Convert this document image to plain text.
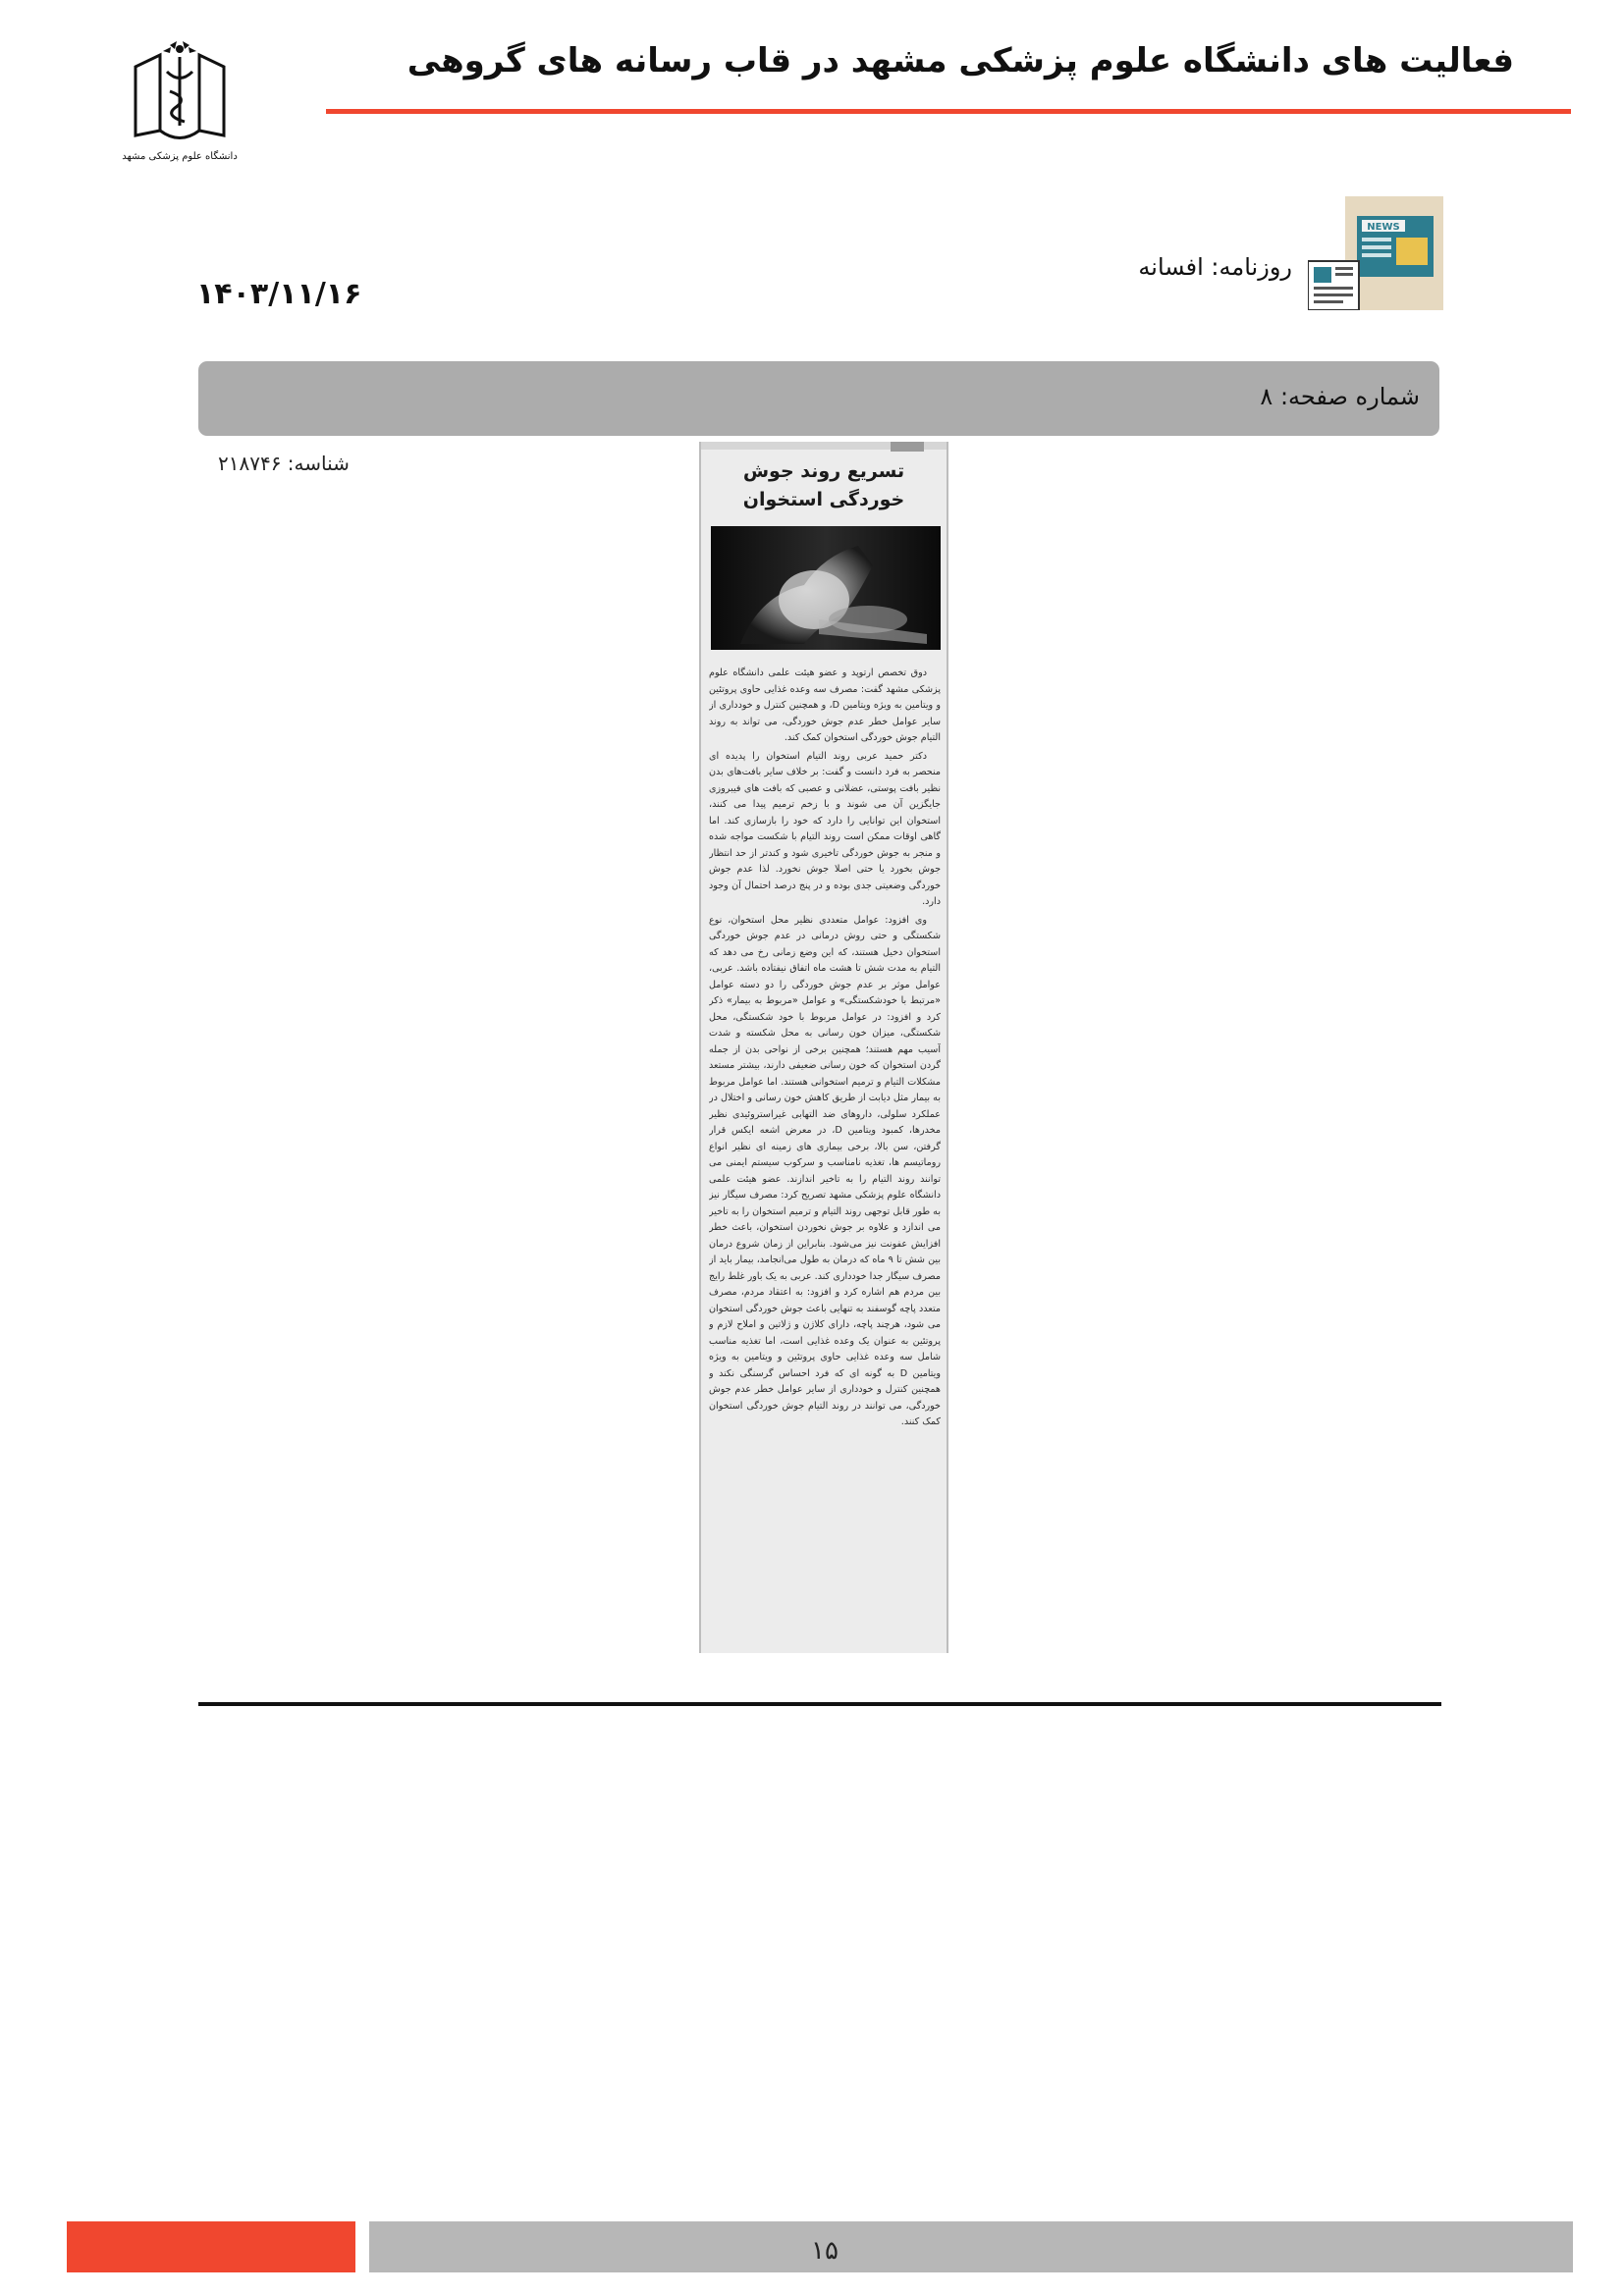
دانشگاه علوم پزشکی مشهد
فعالیت های دانشگاه علوم پزشکی مشهد در قاب رسانه های گروهی
NEWS
روزنامه: افسانه
۱۴۰۳/۱۱/۱۶
شماره صفحه: ۸
شناسه: ۲۱۸۷۴۶	تسریع روند جوش خوردگی استخوان

دوق تخصص ارتوپد و عضو هیئت علمی دانشگاه علوم پزشکی مشهد گفت: مصرف سه وعده غذایی حاوی پروتئین و ویتامین به ویژه ویتامین D، و همچنین کنترل و خودداری از سایر عوامل خطر عدم جوش خوردگی، می تواند به روند التیام جوش خوردگی استخوان کمک کند.

دکتر حمید عربی روند التیام استخوان را پدیده ای منحصر به فرد دانست و گفت: بر خلاف سایر بافت‌های بدن نظیر بافت پوستی، عضلانی و عصبی که بافت های فیبروزی جایگزین آن می شوند و با زخم ترمیم پیدا می کنند، استخوان این توانایی را دارد که خود را بازسازی کند. اما گاهی اوقات ممکن است روند التیام با شکست مواجه شده و منجر به جوش خوردگی تاخیری شود و کندتر از حد انتظار جوش بخورد یا حتی اصلا جوش نخورد. لذا عدم جوش خوردگی وضعیتی جدی بوده و در پنج درصد احتمال آن وجود دارد.

وی افزود: عوامل متعددی نظیر محل استخوان، نوع شکستگی و حتی روش درمانی در عدم جوش خوردگی استخوان دخیل هستند، که این وضع زمانی رخ می دهد که التیام به مدت شش تا هشت ماه اتفاق نیفتاده باشد. عربی، عوامل موثر بر عدم جوش خوردگی را دو دسته عوامل «مرتبط با خودشکستگی» و عوامل «مربوط به بیمار» ذکر کرد و افزود: در عوامل مربوط با خود شکستگی، محل شکستگی، میزان خون رسانی به محل شکسته و شدت آسیب مهم هستند؛ همچنین برخی از نواحی بدن از جمله گردن استخوان که خون رسانی ضعیفی دارند، بیشتر مستعد مشکلات التیام و ترمیم استخوانی هستند. اما عوامل مربوط به بیمار مثل دیابت از طریق کاهش خون رسانی و اختلال در عملکرد سلولی، داروهای ضد التهابی غیراستروئیدی نظیر مخدرها، کمبود ویتامین D، در معرض اشعه ایکس قرار گرفتن، سن بالا، برخی بیماری های زمینه ای نظیر انواع روماتیسم ها، تغذیه نامناسب و سرکوب سیستم ایمنی می توانند روند التیام را به تاخیر اندازند. عضو هیئت علمی دانشگاه علوم پزشکی مشهد تصریح کرد: مصرف سیگار نیز به طور قابل توجهی روند التیام و ترمیم استخوان را به تاخیر می اندازد و علاوه بر جوش نخوردن استخوان، باعث خطر افزایش عفونت نیز می‌شود. بنابراین از زمان شروع درمان بین شش تا ۹ ماه که درمان به طول می‌انجامد، بیمار باید از مصرف سیگار جدا خودداری کند. عربی به یک باور غلط رایج بین مردم هم اشاره کرد و افزود: به اعتقاد مردم، مصرف متعدد پاچه گوسفند به تنهایی باعث جوش خوردگی استخوان می شود، هرچند پاچه، دارای کلاژن و ژلاتین و املاح لازم و پروتئین به عنوان یک وعده غذایی است، اما تغذیه مناسب شامل سه وعده غذایی حاوی پروتئین و ویتامین به ویژه ویتامین D به گونه ای که فرد احساس گرسنگی نکند و همچنین کنترل و خودداری از سایر عوامل خطر عدم جوش خوردگی، می توانند در روند التیام جوش خوردگی استخوان کمک کنند.

۱۵
